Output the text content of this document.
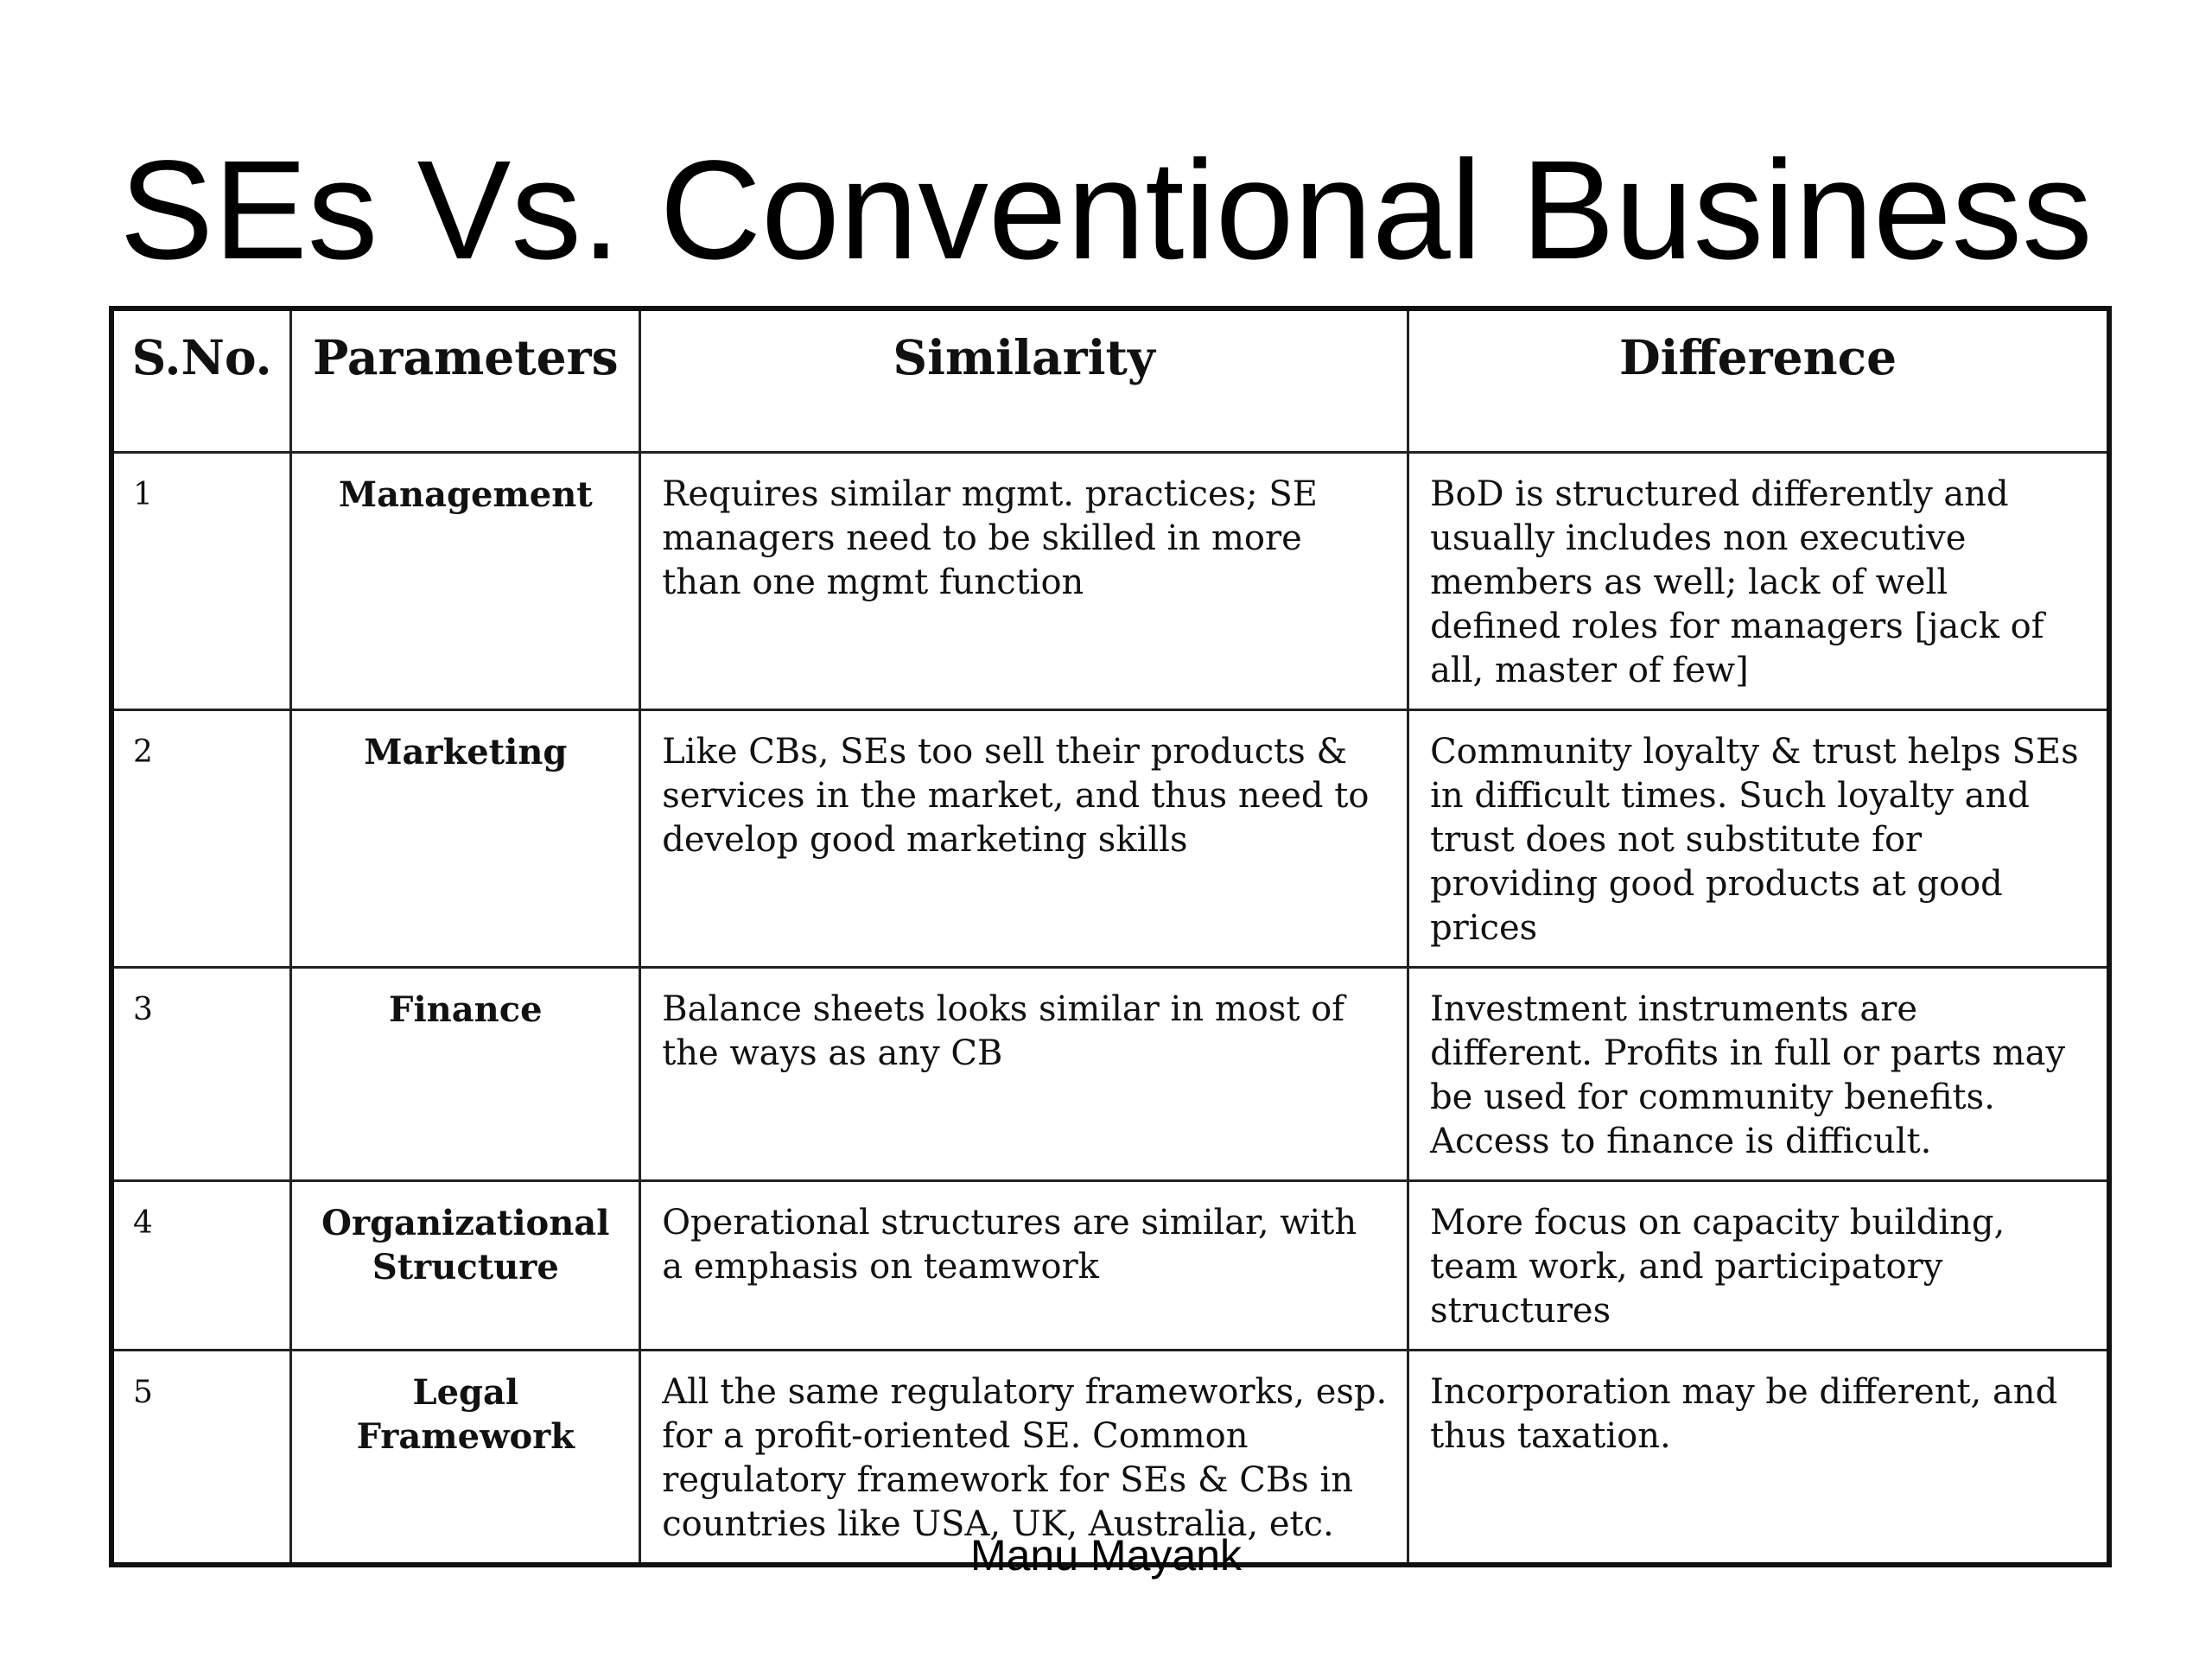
SEs Vs. Conventional Business
S.No.	Parameters	Similarity	Difference
1	Management	Requires similar mgmt. practices; SE managers need to be skilled in more than one mgmt function	BoD is structured differently and usually includes non executive members as well; lack of well defined roles for managers [jack of all, master of few]
2	Marketing	Like CBs, SEs too sell their products & services in the market, and thus need to develop good marketing skills	Community loyalty & trust helps SEs in difficult times. Such loyalty and trust does not substitute for providing good products at good prices
3	Finance	Balance sheets looks similar in most of the ways as any CB	Investment instruments are different. Profits in full or parts may be used for community benefits. Access to finance is difficult.
4	Organizational Structure	Operational structures are similar, with a emphasis on teamwork	More focus on capacity building, team work, and participatory structures
5	Legal Framework	All the same regulatory frameworks, esp. for a profit-oriented SE. Common regulatory framework for SEs & CBs in countries like USA, UK, Australia, etc.	Incorporation may be different, and thus taxation.
Manu Mayank
